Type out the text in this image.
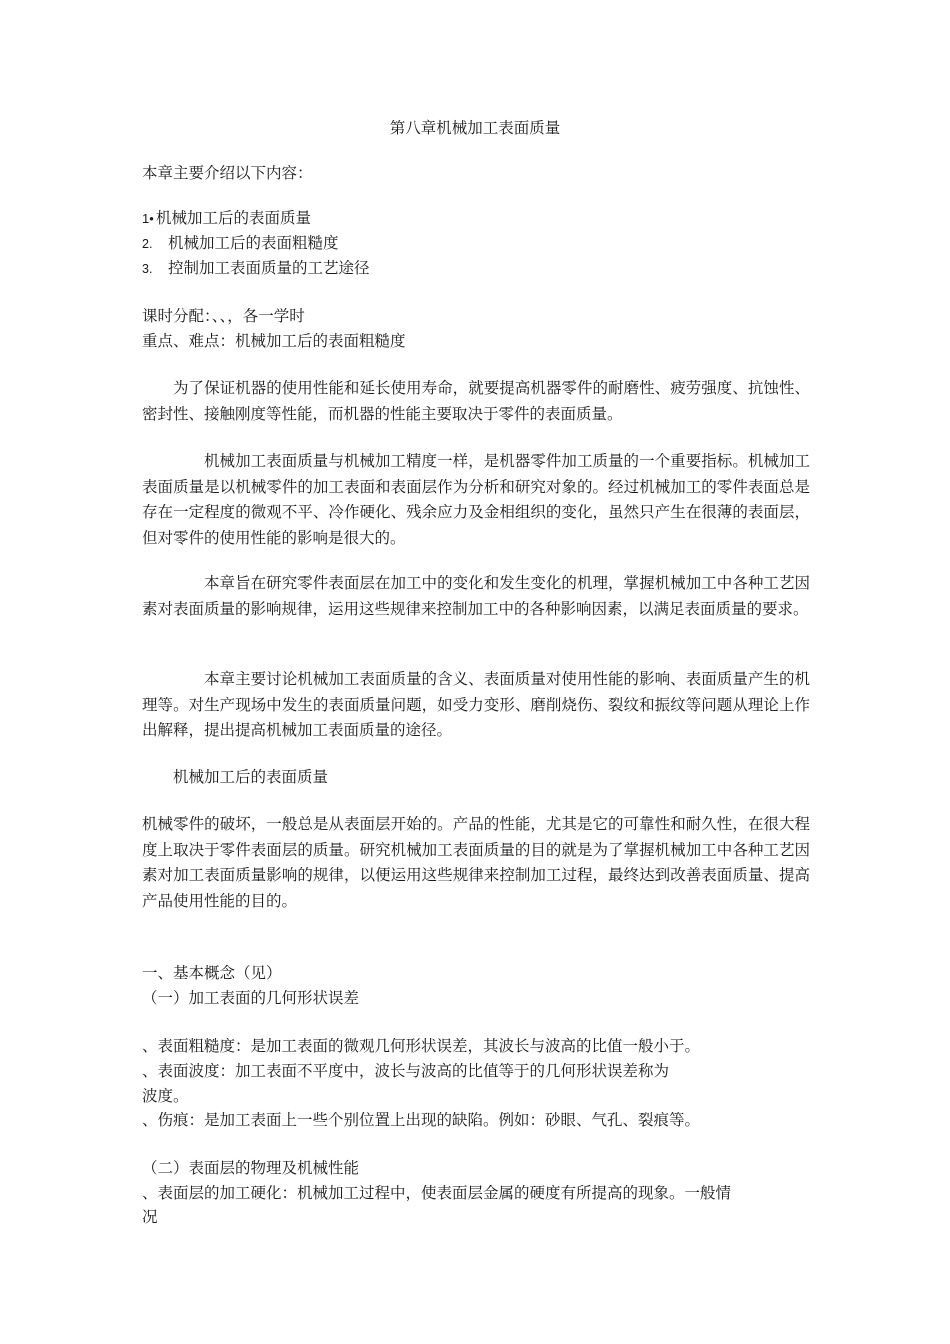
第八章机械加工表面质量
本章主要介绍以下内容：
1• 机械加工后的表面质量
2. 机械加工后的表面粗糙度
3. 控制加工表面质量的工艺途径
课时分配：、、，各一学时
重点、难点：机械加工后的表面粗糙度
为了保证机器的使用性能和延长使用寿命，就要提高机器零件的耐磨性、疲劳强度、抗蚀性、密封性、接触刚度等性能，而机器的性能主要取决于零件的表面质量。
机械加工表面质量与机械加工精度一样，是机器零件加工质量的一个重要指标。机械加工表面质量是以机械零件的加工表面和表面层作为分析和研究对象的。经过机械加工的零件表面总是存在一定程度的微观不平、冷作硬化、残余应力及金相组织的变化，虽然只产生在很薄的表面层，但对零件的使用性能的影响是很大的。
本章旨在研究零件表面层在加工中的变化和发生变化的机理，掌握机械加工中各种工艺因素对表面质量的影响规律，运用这些规律来控制加工中的各种影响因素，以满足表面质量的要求。
本章主要讨论机械加工表面质量的含义、表面质量对使用性能的影响、表面质量产生的机理等。对生产现场中发生的表面质量问题，如受力变形、磨削烧伤、裂纹和振纹等问题从理论上作出解释，提出提高机械加工表面质量的途径。
机械加工后的表面质量
机械零件的破坏，一般总是从表面层开始的。产品的性能，尤其是它的可靠性和耐久性，在很大程度上取决于零件表面层的质量。研究机械加工表面质量的目的就是为了掌握机械加工中各种工艺因素对加工表面质量影响的规律，以便运用这些规律来控制加工过程，最终达到改善表面质量、提高产品使用性能的目的。
一、基本概念（见）
（一）加工表面的几何形状误差
、表面粗糙度：是加工表面的微观几何形状误差，其波长与波高的比值一般小于。
、表面波度：加工表面不平度中，波长与波高的比值等于的几何形状误差称为
波度。
、伤痕：是加工表面上一些个别位置上出现的缺陷。例如：砂眼、气孔、裂痕等。
（二）表面层的物理及机械性能
、表面层的加工硬化：机械加工过程中，使表面层金属的硬度有所提高的现象。一般情
况
